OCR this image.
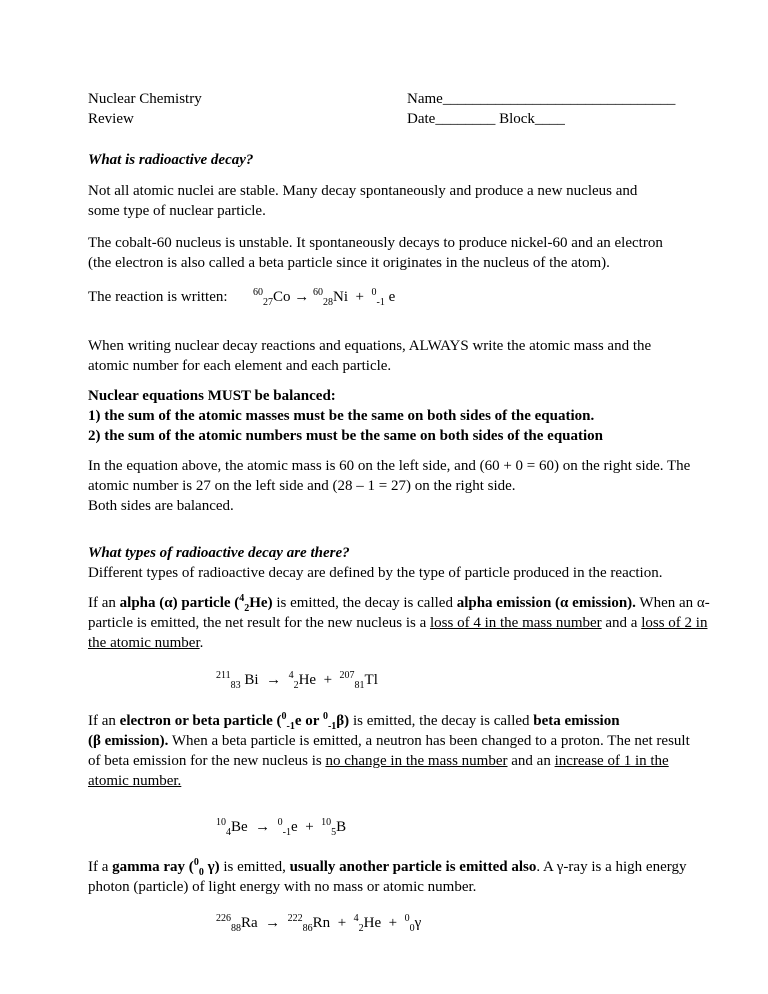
Nuclear Chemistry

Review

Name_______________________________

Date________ Block____

What is radioactive decay?

Not all atomic nuclei are stable. Many decay spontaneously and produce a new nucleus and some type of nuclear particle.

The cobalt-60 nucleus is unstable. It spontaneously decays to produce nickel-60 and an electron (the electron is also called a beta particle since it originates in the nucleus of the atom).

The reaction is written:	$^{60}_{27}$Co → $^{60}_{28}$Ni + $^0_{-1}$ e

When writing nuclear decay reactions and equations, ALWAYS write the atomic mass and the atomic number for each element and each particle.

Nuclear equations MUST be balanced:

1) the sum of the atomic masses must be the same on both sides of the equation.

2) the sum of the atomic numbers must be the same on both sides of the equation

In the equation above, the atomic mass is 60 on the left side, and (60 + 0 = 60) on the right side. The atomic number is 27 on the left side and (28 – 1 = 27) on the right side.

Both sides are balanced.

What types of radioactive decay are there?

Different types of radioactive decay are defined by the type of particle produced in the reaction.

If an alpha (α) particle ($^4_2$He) is emitted, the decay is called alpha emission (α emission). When an α-particle is emitted, the net result for the new nucleus is a loss of 4 in the mass number and a loss of 2 in the atomic number.

$^{211}_{83}$ Bi → $^4_2$He + $^{207}_{81}$Tl

If an electron or beta particle ($^0_{-1}$e or $^0_{-1}$β) is emitted, the decay is called beta emission
(β emission). When a beta particle is emitted, a neutron has been changed to a proton. The net result of beta emission for the new nucleus is no change in the mass number and an increase of 1 in the atomic number.

$^{10}_4$Be → $^0_{-1}$e + $^{10}_5$B

If a gamma ray ($^0_0$ γ) is emitted, usually another particle is emitted also. A γ-ray is a high energy photon (particle) of light energy with no mass or atomic number.

$^{226}_{88}$Ra → $^{222}_{86}$Rn + $^4_2$He + $^0_0$γ
